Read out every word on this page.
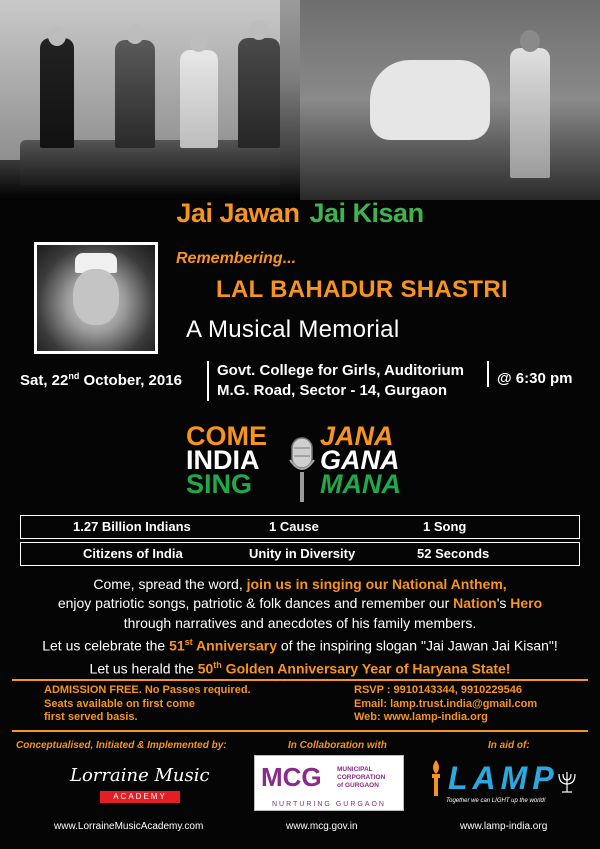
Jai Jawan Jai Kisan
Remembering...
LAL BAHADUR SHASTRI
A Musical Memorial
Sat, 22nd October, 2016
Govt. College for Girls, Auditorium
M.G. Road, Sector - 14, Gurgaon
@ 6:30 pm
COME
INDIA
SING
JANA
GANA
MANA
1.27 Billion Indians	1 Cause	1 Song
Citizens of India	Unity in Diversity	52 Seconds
Come, spread the word, join us in singing our National Anthem,
enjoy patriotic songs, patriotic & folk dances and remember our Nation's Hero
through narratives and anecdotes of his family members.
Let us celebrate the 51st Anniversary of the inspiring slogan "Jai Jawan Jai Kisan"!
Let us herald the 50th Golden Anniversary Year of Haryana State!
ADMISSION FREE. No Passes required.
Seats available on first come
first served basis.
RSVP : 9910143344, 9910229546
Email: lamp.trust.india@gmail.com
Web: www.lamp-india.org
Conceptualised, Initiated & Implemented by:	In Collaboration with	In aid of:
Lorraine Music
ACADEMY
MCG MUNICIPAL
CORPORATION
of GURGAON
NURTURING GURGAON
LAMP
Together we can LIGHT up the world!
www.LorraineMusicAcademy.com	www.mcg.gov.in	www.lamp-india.org
